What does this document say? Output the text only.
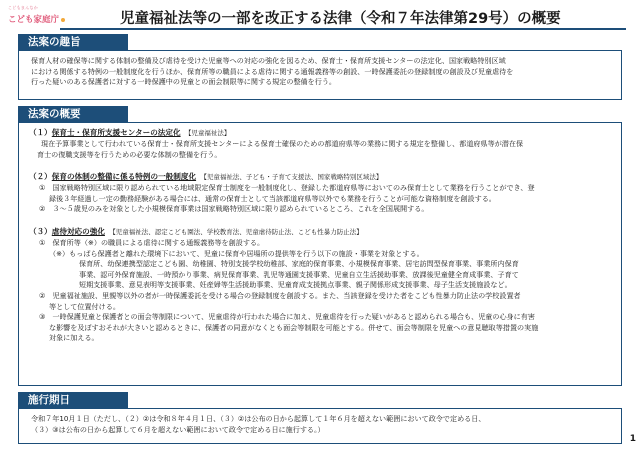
こどもまんなか
こども家庭庁	児童福祉法等の一部を改正する法律（令和７年法律第29号）の概要
法案の趣旨
保育人材の確保等に関する体制の整備及び虐待を受けた児童等への対応の強化を図るため、保育士・保育所支援センターの法定化、国家戦略特別区域
における関係する特例の一般制度化を行うほか、保育所等の職員による虐待に関する通報義務等の創設、一時保護委託の登録制度の創設及び児童虐待を
行った疑いのある保護者に対する一時保護中の児童との面会制限等に関する規定の整備を行う。
法案の概要
（１）保育士・保育所支援センターの法定化　 【児童福祉法】
現在予算事業として行われている保育士・保育所支援センターによる保育士確保のための都道府県等の業務に関する規定を整備し、都道府県等が潜在保
育士の復職支援等を行うための必要な体制の整備を行う。
（２）保育の体制の整備に係る特例の一般制度化　 【児童福祉法、子ども・子育て支援法、国家戦略特別区域法】
①　国家戦略特別区域に限り認められている地域限定保育士制度を一般制度化し、登録した都道府県等においてのみ保育士として業務を行うことができ、登
録後３年経過し一定の勤務経験がある場合には、通常の保育士として当該都道府県等以外でも業務を行うことが可能な資格制度を創設する。
②　３～５歳児のみを対象とした小規模保育事業は国家戦略特別区域に限り認められているところ、これを全国展開する。
（３）虐待対応の強化　 【児童福祉法、認定こども園法、学校教育法、児童虐待防止法、こども性暴力防止法】
①　保育所等（※）の職員による虐待に関する通報義務等を創設する。
（※）もっぱら保護者と離れた環境下において、児童に保育や居場所の提供等を行う以下の施設・事業を対象とする。
保育所、幼保連携型認定こども園、幼稚園、特別支援学校幼稚部、家庭的保育事業、小規模保育事業、居宅訪問型保育事業、事業所内保育
事業、認可外保育施設、一時預かり事業、病児保育事業、乳児等通園支援事業、児童自立生活援助事業、放課後児童健全育成事業、子育て
短期支援事業、意見表明等支援事業、妊産婦等生活援助事業、児童育成支援拠点事業、親子関係形成支援事業、母子生活支援施設など。
②　児童福祉施設、里親等以外の者が一時保護委託を受ける場合の登録制度を創設する。また、当該登録を受けた者をこども性暴力防止法の学校設置者
等として位置付ける。
③　一時保護児童と保護者との面会等制限について、児童虐待が行われた場合に加え、児童虐待を行った疑いがあると認められる場合も、児童の心身に有害
な影響を及ぼすおそれが大きいと認めるときに、保護者の同意がなくとも面会等制限を可能とする。併せて、面会等制限を児童への意見聴取等措置の実施
対象に加える。
施行期日
令和７年10月１日（ただし、（２）②は令和８年４月１日、（３）②は公布の日から起算して１年６月を超えない範囲において政令で定める日、
（３）③は公布の日から起算して６月を超えない範囲において政令で定める日に施行する。）
1
